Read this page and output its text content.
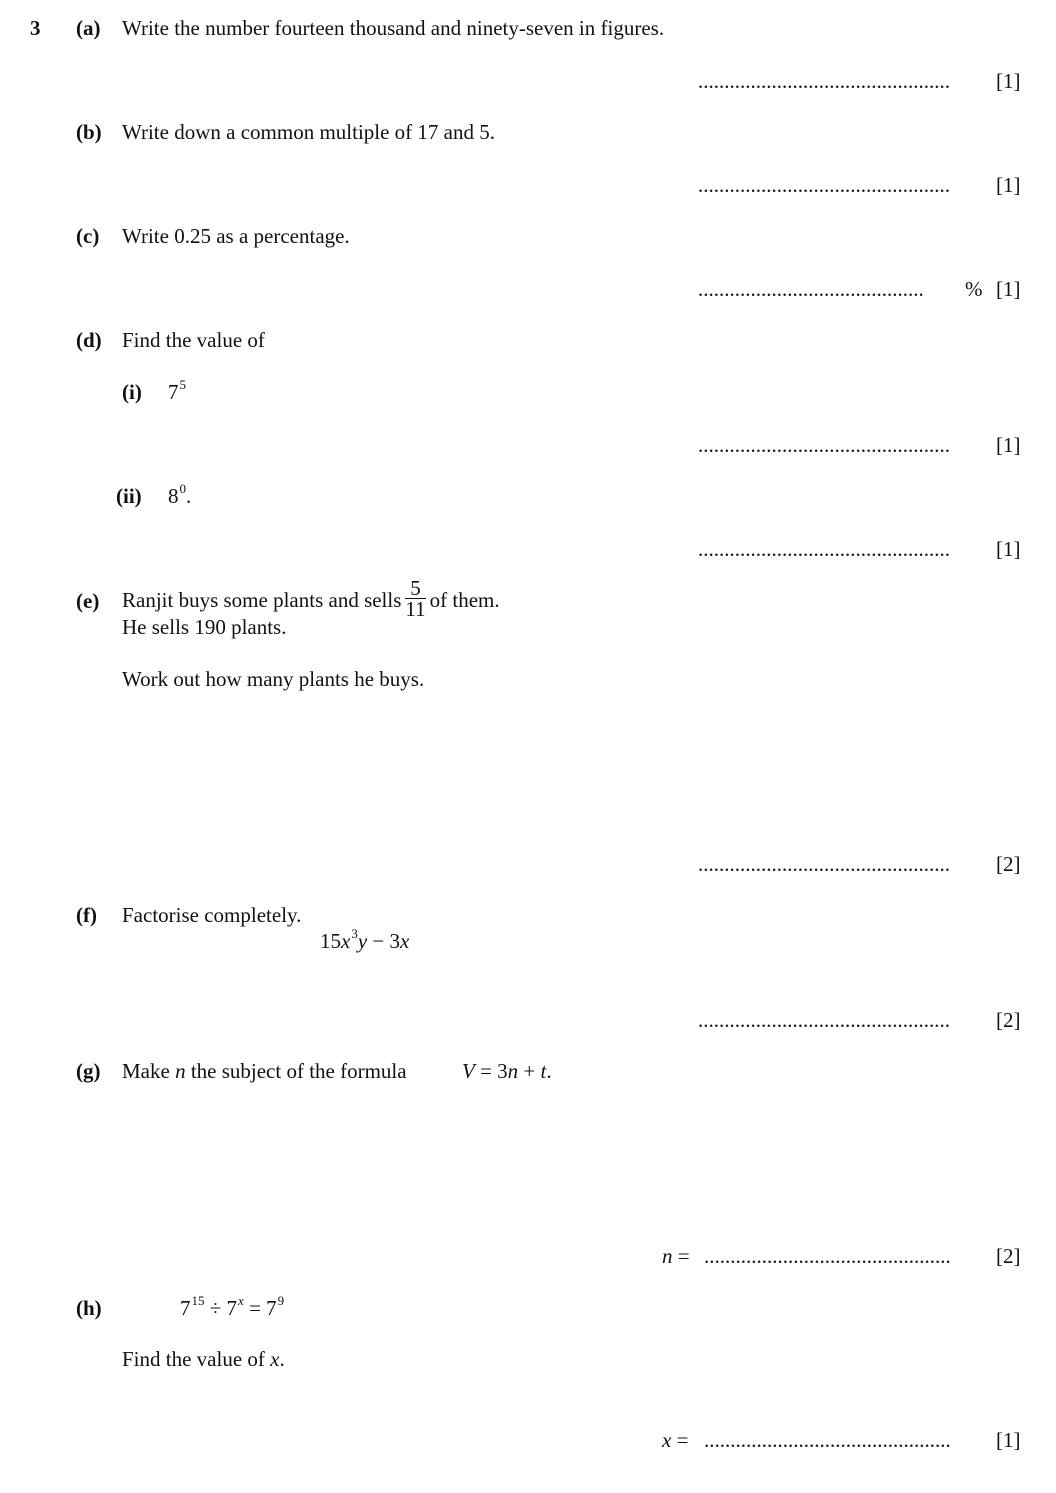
3 (a) Write the number fourteen thousand and ninety-seven in figures.
................................................ [1]
(b) Write down a common multiple of 17 and 5.
................................................ [1]
(c) Write 0.25 as a percentage.
........................................... % [1]
(d) Find the value of
(i) $7^5$
................................................ [1]
(ii) $8^0$.
................................................ [1]
(e) Ranjit buys some plants and sells $\frac{5}{11}$ of them.
He sells 190 plants.
Work out how many plants he buys.
................................................ [2]
(f) Factorise completely.
$15x^3y - 3x$
................................................ [2]
(g) Make n the subject of the formula	V = 3n + t.
n = ............................................... [2]
(h)	$7^{15} \div 7^x = 7^9$
Find the value of x.
x = ............................................... [1]
